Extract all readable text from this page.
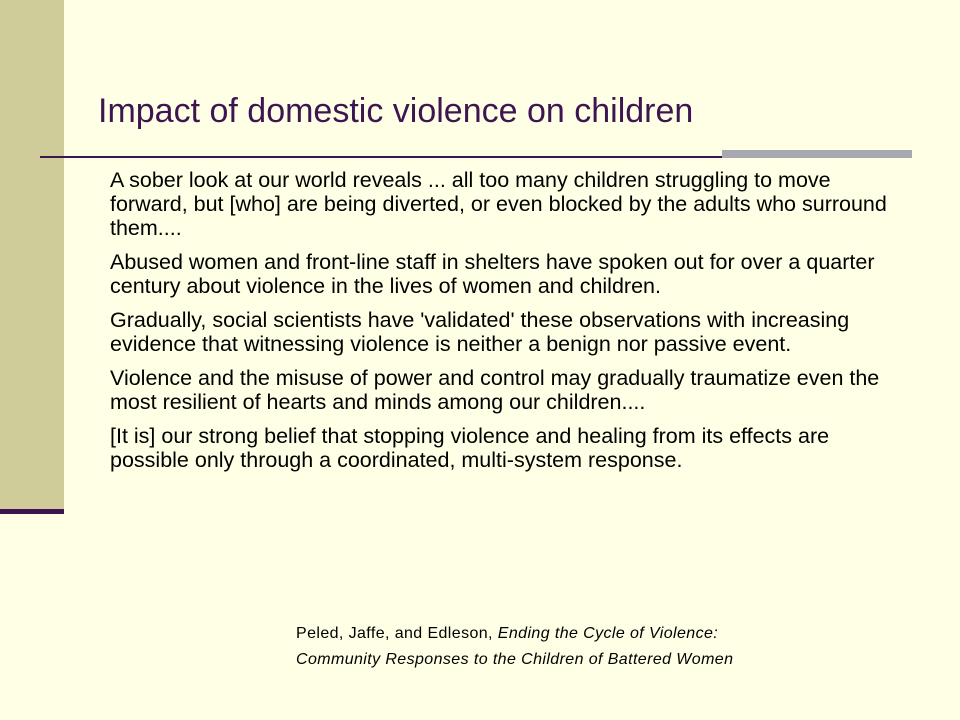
Impact of domestic violence on children

A sober look at our world reveals ... all too many children struggling to move forward, but [who] are being diverted, or even blocked by the adults who surround them....

Abused women and front-line staff in shelters have spoken out for over a quarter century about violence in the lives of women and children.

Gradually, social scientists have 'validated' these observations with increasing evidence that witnessing violence is neither a benign nor passive event.

Violence and the misuse of power and control may gradually traumatize even the most resilient of hearts and minds among our children....

[It is] our strong belief that stopping violence and healing from its effects are possible only through a coordinated, multi-system response.

Peled, Jaffe, and Edleson, Ending the Cycle of Violence:
Community Responses to the Children of Battered Women
